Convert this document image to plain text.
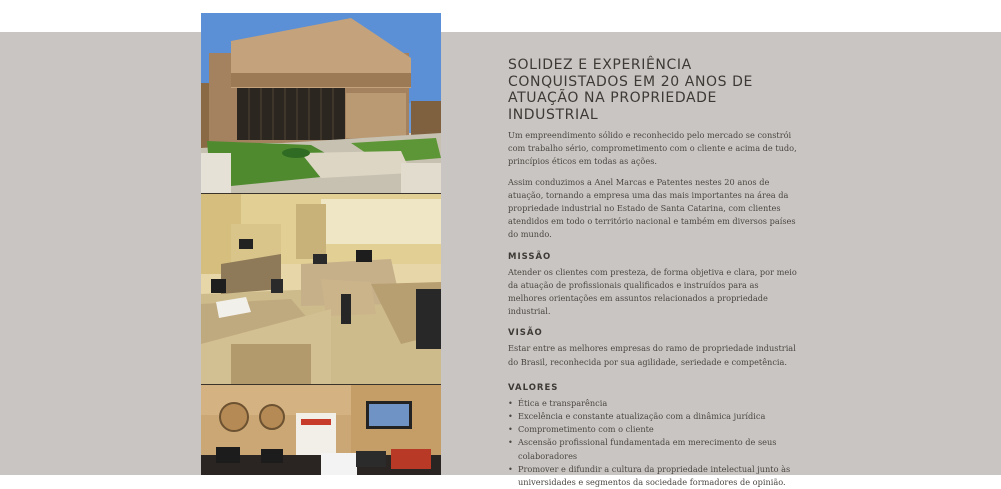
SOLIDEZ E EXPERIÊNCIA CONQUISTADOS EM 20 ANOS DE ATUAÇÃO NA PROPRIEDADE INDUSTRIAL

Um empreendimento sólido e reconhecido pelo mercado se constrói com trabalho sério, comprometimento com o cliente e acima de tudo, princípios éticos em todas as ações.

Assim conduzimos a Anel Marcas e Patentes nestes 20 anos de atuação, tornando a empresa uma das mais importantes na área da propriedade industrial no Estado de Santa Catarina, com clientes atendidos em todo o território nacional e também em diversos países do mundo.

MISSÃO

Atender os clientes com presteza, de forma objetiva e clara, por meio da atuação de profissionais qualificados e instruídos para as melhores orientações em assuntos relacionados a propriedade industrial.

VISÃO

Estar entre as melhores empresas do ramo de propriedade industrial do Brasil, reconhecida por sua agilidade, seriedade e competência.

VALORES
• Ética e transparência
• Excelência e constante atualização com a dinâmica jurídica
• Comprometimento com o cliente
• Ascensão profissional fundamentada em merecimento de seus colaboradores
• Promover e difundir a cultura da propriedade intelectual junto às universidades e segmentos da sociedade formadores de opinião.
